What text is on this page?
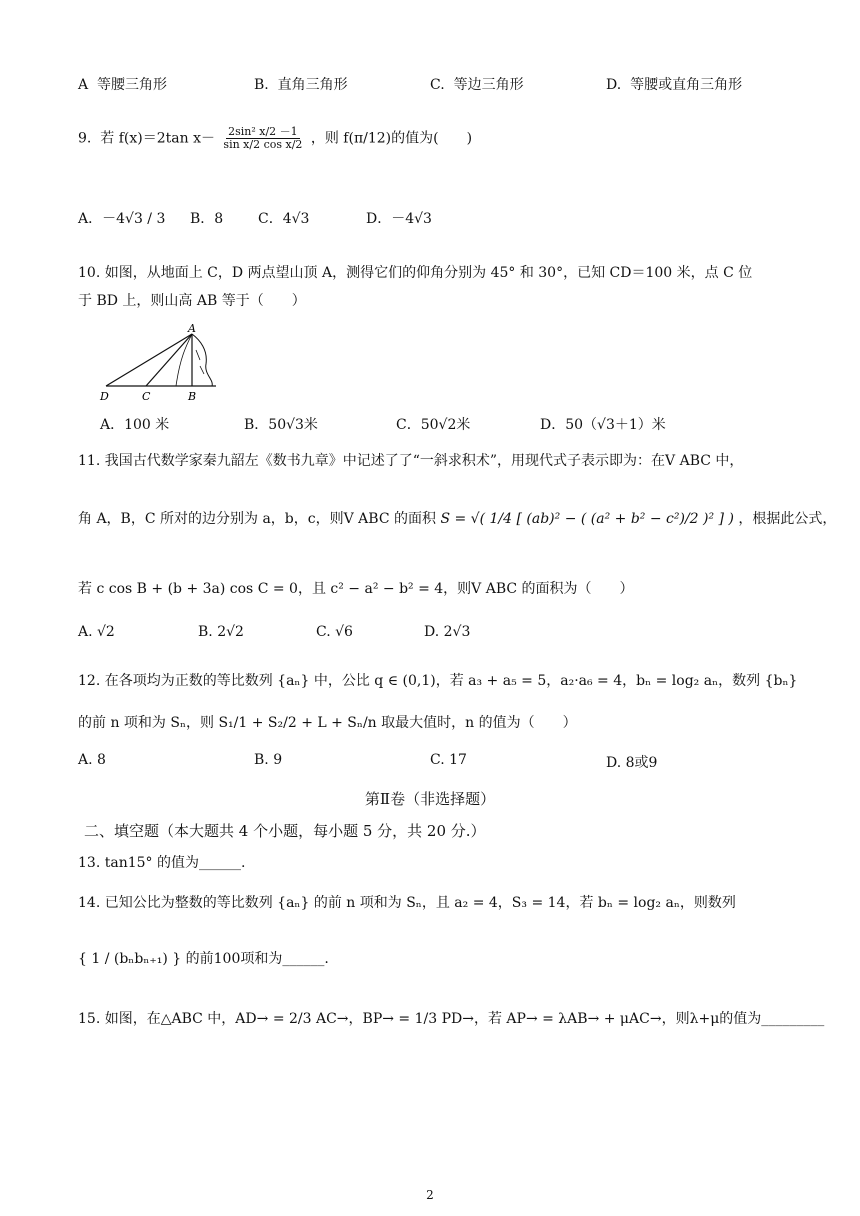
A 等腰三角形	B. 直角三角形	C. 等边三角形	D. 等腰或直角三角形
9. 若 f(x)＝2tan $x- \frac{\text{2sin² x/2 －1}}{\text{sin x/2 cos x/2}}$ ，则 f(π/12)的值为(　　)
A．－4√3 / 3 B．8 C．4√3	D．－4√3
10. 如图，从地面上 C，D 两点望山顶 A，测得它们的仰角分别为 45° 和 30°，已知 CD＝100 米，点 C 位
于 BD 上，则山高 AB 等于（　　）
A
B
C
D
A．100 米	B．50√3米	C．50√2米	D．50（√3＋1）米
11. 我国古代数学家秦九韶左《数书九章》中记述了了“一斜求积术”，用现代式子表示即为：在V ABC 中，
角 A，B，C 所对的边分别为 a，b，c，则V ABC 的面积 S = √( 1/4 [ (ab)² − ( (a² + b² − c²)/2 )² ] ) ，根据此公式，
若 c cos B + (b + 3a) cos C = 0，且 c² − a² − b² = 4，则V ABC 的面积为（　　）
A. √2	B. 2√2	C. √6	D. 2√3
12. 在各项均为正数的等比数列 {aₙ} 中，公比 q ∈ (0,1)，若 a₃ + a₅ = 5，a₂·a₆ = 4，bₙ = log₂ aₙ，数列 {bₙ}
的前 n 项和为 Sₙ，则 S₁/1 + S₂/2 + L + Sₙ/n 取最大值时，n 的值为（　　）
A. 8	B. 9	C. 17	D. 8或9
第Ⅱ卷（非选择题）
二、填空题（本大题共 4 个小题，每小题 5 分，共 20 分.）
13. tan15° 的值为______.
14. 已知公比为整数的等比数列 {aₙ} 的前 n 项和为 Sₙ，且 a₂ = 4，S₃ = 14，若 bₙ = log₂ aₙ，则数列
{ 1 / (bₙbₙ₊₁) } 的前100项和为______.
15. 如图，在△ABC 中，AD→ = 2/3 AC→，BP→ = 1/3 PD→，若 AP→ = λAB→ + μAC→，则λ+μ的值为_________
2
